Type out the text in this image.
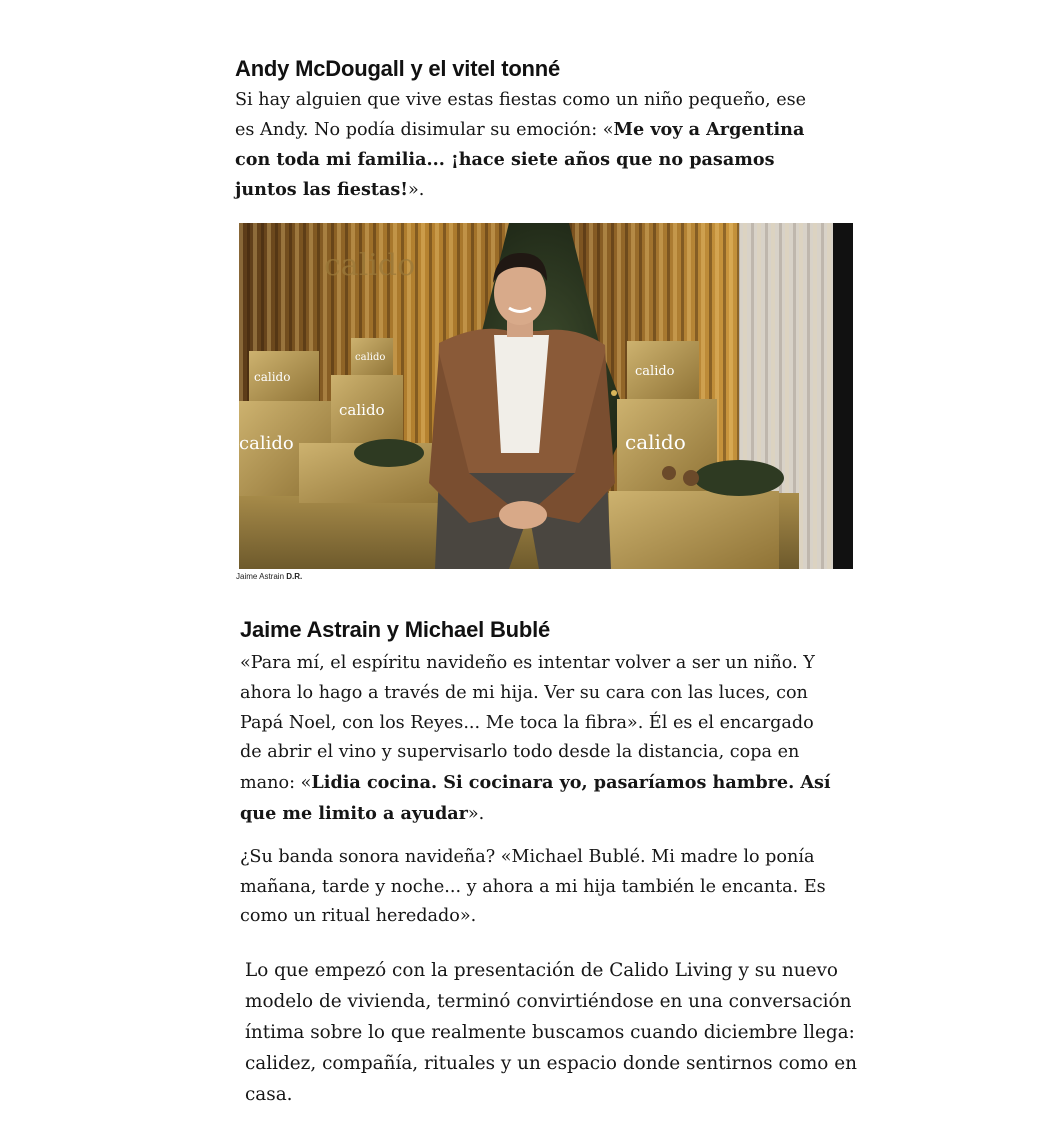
Andy McDougall y el vitel tonné

Si hay alguien que vive estas fiestas como un niño pequeño, ese es Andy. No podía disimular su emoción: «Me voy a Argentina con toda mi familia... ¡hace siete años que no pasamos juntos las fiestas!».

calido
calido
calido
calido
calido
calido
calido
Jaime Astrain D.R.
Jaime Astrain y Michael Bublé

«Para mí, el espíritu navideño es intentar volver a ser un niño. Y ahora lo hago a través de mi hija. Ver su cara con las luces, con Papá Noel, con los Reyes... Me toca la fibra». Él es el encargado de abrir el vino y supervisarlo todo desde la distancia, copa en mano: «Lidia cocina. Si cocinara yo, pasaríamos hambre. Así que me limito a ayudar».

¿Su banda sonora navideña? «Michael Bublé. Mi madre lo ponía mañana, tarde y noche... y ahora a mi hija también le encanta. Es como un ritual heredado».

Lo que empezó con la presentación de Calido Living y su nuevo modelo de vivienda, terminó convirtiéndose en una conversación íntima sobre lo que realmente buscamos cuando diciembre llega: calidez, compañía, rituales y un espacio donde sentirnos como en casa.
